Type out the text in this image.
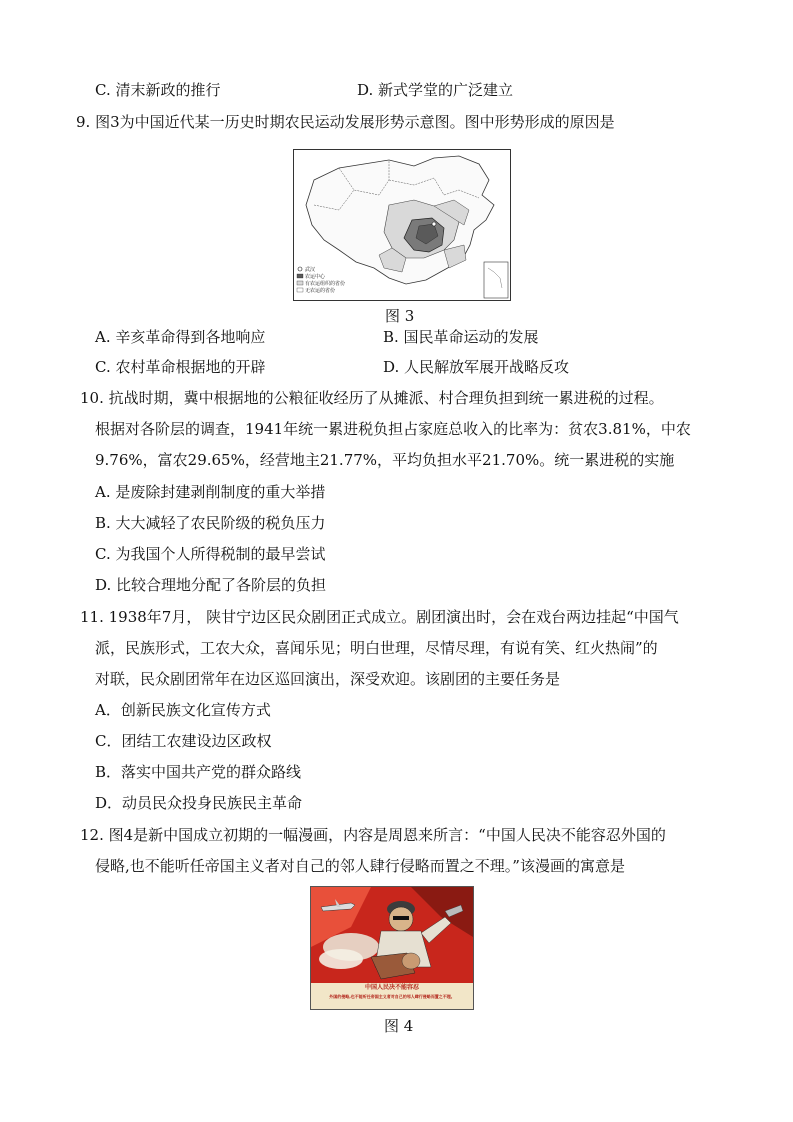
C. 清末新政的推行	D. 新式学堂的广泛建立
9. 图3为中国近代某一历史时期农民运动发展形势示意图。图中形势形成的原因是
武汉
农运中心
有农运组织的省份
无农运的省份
图 3
A. 辛亥革命得到各地响应	B. 国民革命运动的发展
C. 农村革命根据地的开辟	D. 人民解放军展开战略反攻
10. 抗战时期，冀中根据地的公粮征收经历了从摊派、村合理负担到统一累进税的过程。
根据对各阶层的调查，1941年统一累进税负担占家庭总收入的比率为：贫农3.81%，中农
9.76%，富农29.65%，经营地主21.77%，平均负担水平21.70%。统一累进税的实施
A. 是废除封建剥削制度的重大举措
B. 大大减轻了农民阶级的税负压力
C. 为我国个人所得税制的最早尝试
D. 比较合理地分配了各阶层的负担
11. 1938年7月， 陕甘宁边区民众剧团正式成立。剧团演出时，会在戏台两边挂起“中国气
派，民族形式，工农大众，喜闻乐见；明白世理，尽情尽理，有说有笑、红火热闹”的
对联，民众剧团常年在边区巡回演出，深受欢迎。该剧团的主要任务是
A．创新民族文化宣传方式
C．团结工农建设边区政权
B．落实中国共产党的群众路线
D．动员民众投身民族民主革命
12. 图4是新中国成立初期的一幅漫画，内容是周恩来所言：“中国人民决不能容忍外国的
侵略,也不能听任帝国主义者对自己的邻人肆行侵略而置之不理。”该漫画的寓意是
中国人民决不能容忍
外国的侵略,也不能听任帝国主义者对自己的邻人肆行侵略而置之不理。
图 4
